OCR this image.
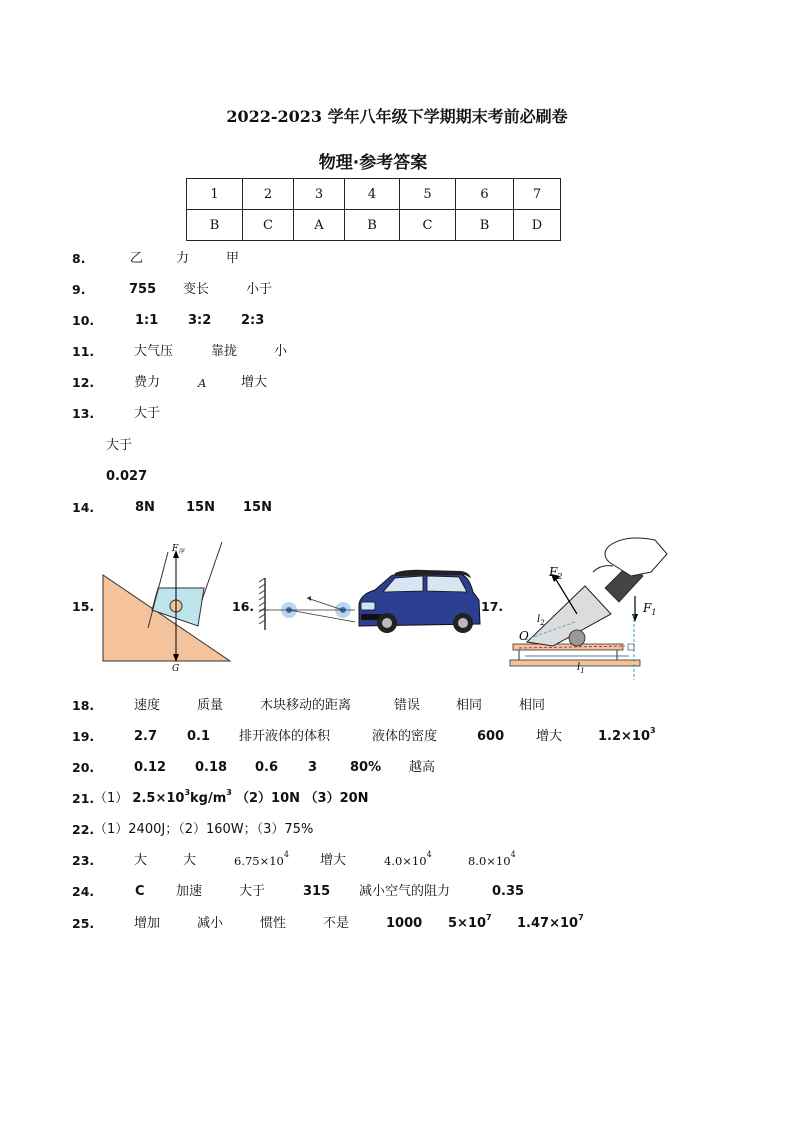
2022-2023 学年八年级下学期期末考前必刷卷
物理·参考答案
1	2	3	4	5	6	7
B	C	A	B	C	B	D
8.	乙	力	甲
9.	755 变长	小于
10.	1:1 3:2 2:3
11.	大气压	靠拢	小
12.	费力	A	增大
13.	大于
大于
0.027
14.	8N 15N 15N
15.	16.	17.
$F_浮$
G
$F_2$
$F_1$
O
$l_2$
$l_1$
18.	速度	质量	木块移动的距离	错误	相同	相同
19.	2.7 0.1 排开液体的体积	液体的密度	600 增大	$1.2\times 10^3$
20.	0.12 0.18 0.6 3	80% 越高
21. （1） $2.5\times 10^3kg/m^3$ （2）10N （3）20N
22. （1）2400J；（2）160W；（3）75%
23.	大	大	$6.75\times 10^4$ 增大	$4.0\times 10^4$	$8.0\times 10^4$
24.	C 加速	大于	315 减小空气的阻力	0.35
25.	增加	减小	惯性	不是	1000 $5\times 10^7$ $1.47\times 10^7$
